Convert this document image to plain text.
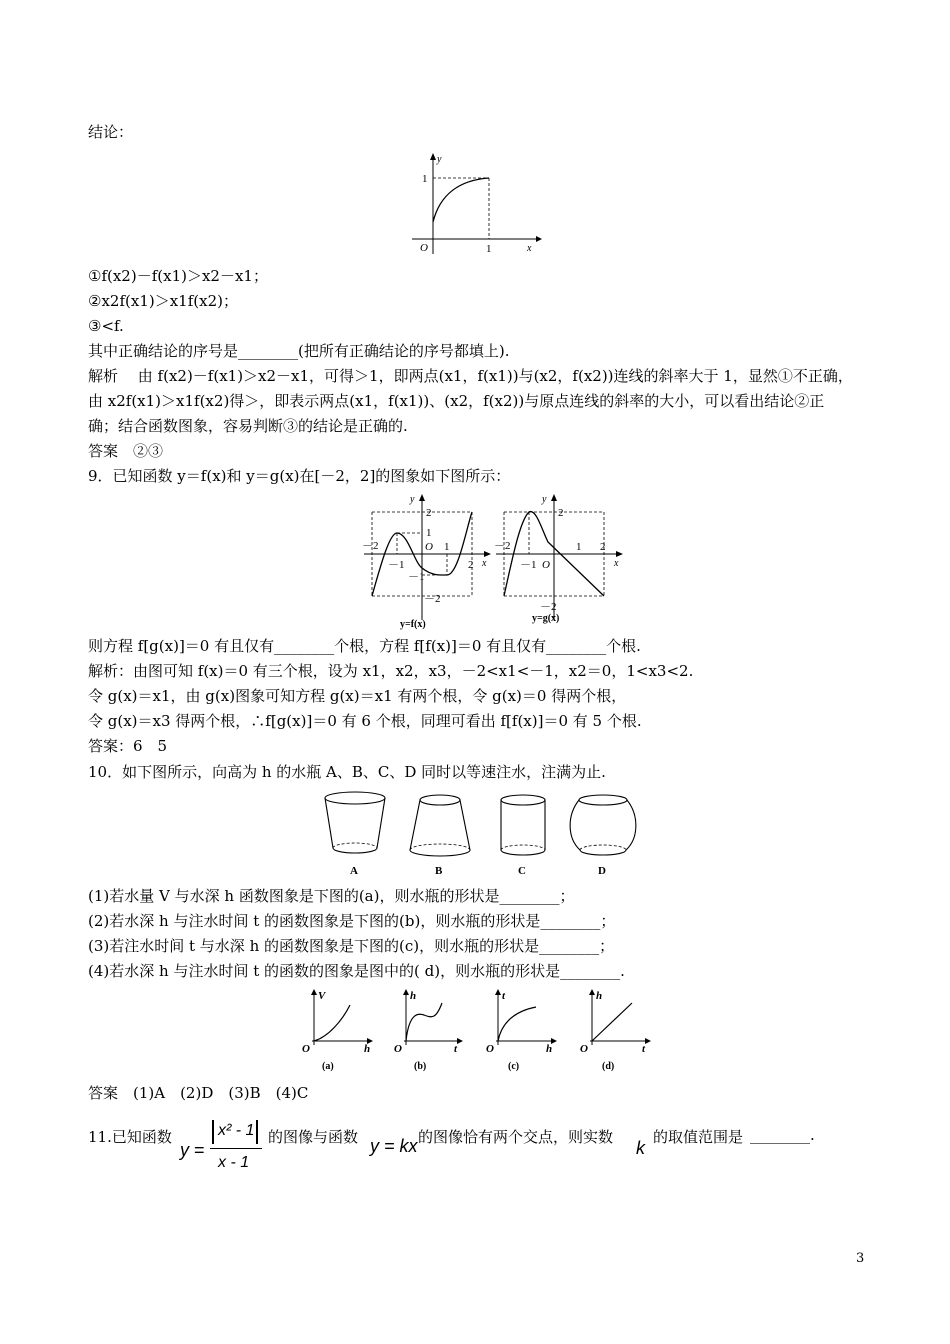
结论：
y
1
O	1	x
①f(x2)－f(x1)＞x2－x1；
②x2f(x1)＞x1f(x2)；
③<f.
其中正确结论的序号是________(把所有正确结论的序号都填上).
解析　 由 f(x2)－f(x1)＞x2－x1，可得＞1，即两点(x1，f(x1))与(x2，f(x2))连线的斜率大于 1，显然①不正确，
由 x2f(x1)＞x1f(x2)得＞，即表示两点(x1，f(x1))、(x2，f(x2))与原点连线的斜率的大小，可以看出结论②正
确；结合函数图象，容易判断③的结论是正确的.
答案　②③
9．已知函数 y＝f(x)和 y＝g(x)在[－2，2]的图象如下图所示：
y
2
1
－1
－2
－2
－1
O 1
2 x
y=f(x)
y
2
－2
－2
－1 O
1 2
x
y=g(x)
则方程 f[g(x)]＝0 有且仅有________个根，方程 f[f(x)]＝0 有且仅有________个根.
解析：由图可知 f(x)＝0 有三个根，设为 x1，x2，x3，－2<x1<－1，x2＝0，1<x3<2.
令 g(x)＝x1，由 g(x)图象可知方程 g(x)＝x1 有两个根，令 g(x)＝0 得两个根，
令 g(x)＝x3 得两个根，∴f[g(x)]＝0 有 6 个根，同理可看出 f[f(x)]＝0 有 5 个根.
答案：6　5
10．如下图所示，向高为 h 的水瓶 A、B、C、D 同时以等速注水，注满为止.
A	B	C	D
(1)若水量 V 与水深 h 函数图象是下图的(a)，则水瓶的形状是________；
(2)若水深 h 与注水时间 t 的函数图象是下图的(b)，则水瓶的形状是________；
(3)若注水时间 t 与水深 h 的函数图象是下图的(c)，则水瓶的形状是________；
(4)若水深 h 与注水时间 t 的函数的图象是图中的( d)，则水瓶的形状是________.
V
O	h
(a)
h
O	t
(b)
t
O	h
(c)
h
O	t
(d)
答案　(1)A　(2)D　(3)B　(4)C
11.已知函数
y =
x² - 1
x - 1
的图像与函数 y = kx 的图像恰有两个交点，则实数
k
的取值范围是 ________.
3
